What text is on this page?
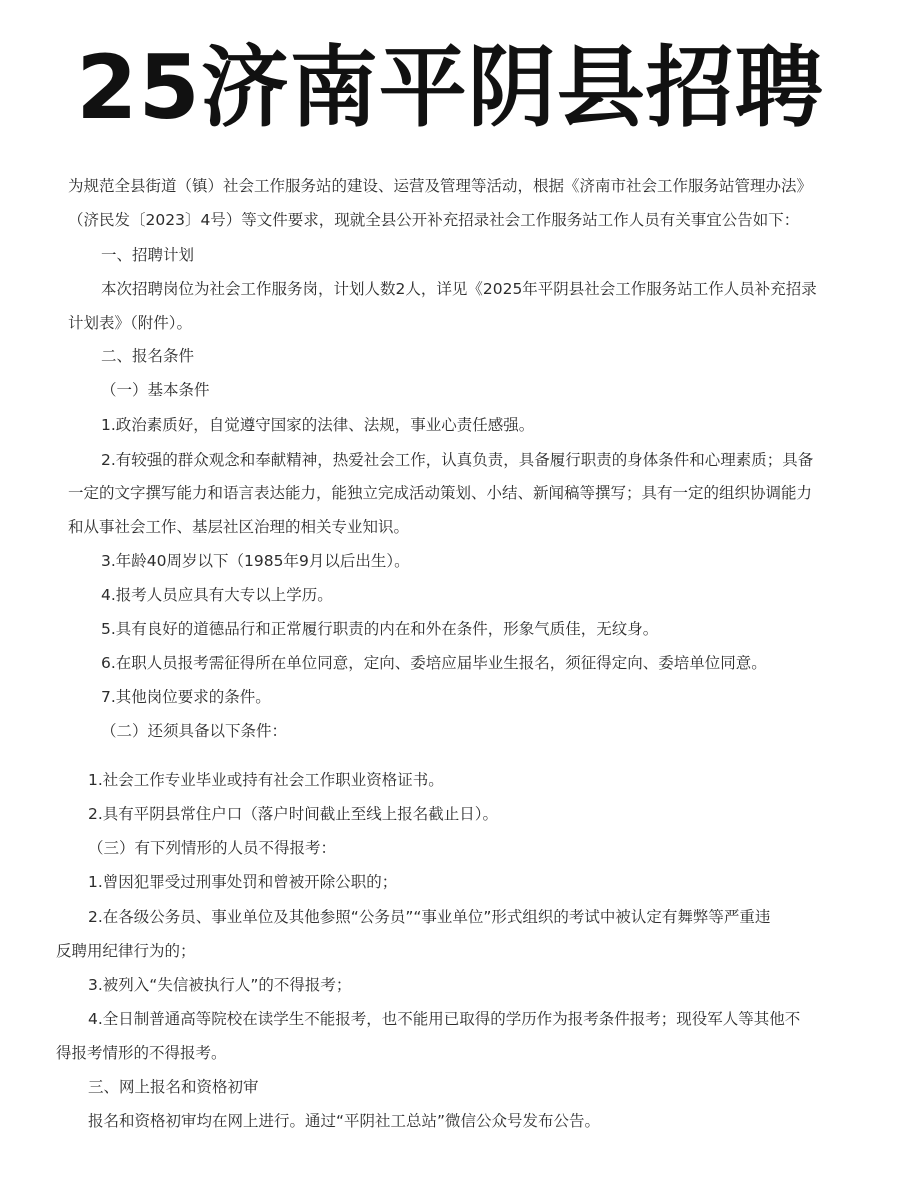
25济南平阴县招聘
为规范全县街道（镇）社会工作服务站的建设、运营及管理等活动，根据《济南市社会工作服务站管理办法》
（济民发〔2023〕4号）等文件要求，现就全县公开补充招录社会工作服务站工作人员有关事宜公告如下：
一、招聘计划
本次招聘岗位为社会工作服务岗，计划人数2人，详见《2025年平阴县社会工作服务站工作人员补充招录
计划表》（附件）。
二、报名条件
（一）基本条件
1.政治素质好，自觉遵守国家的法律、法规，事业心责任感强。
2.有较强的群众观念和奉献精神，热爱社会工作，认真负责，具备履行职责的身体条件和心理素质；具备
一定的文字撰写能力和语言表达能力，能独立完成活动策划、小结、新闻稿等撰写；具有一定的组织协调能力
和从事社会工作、基层社区治理的相关专业知识。
3.年龄40周岁以下（1985年9月以后出生）。
4.报考人员应具有大专以上学历。
5.具有良好的道德品行和正常履行职责的内在和外在条件，形象气质佳，无纹身。
6.在职人员报考需征得所在单位同意，定向、委培应届毕业生报名，须征得定向、委培单位同意。
7.其他岗位要求的条件。
（二）还须具备以下条件：
1.社会工作专业毕业或持有社会工作职业资格证书。
2.具有平阴县常住户口（落户时间截止至线上报名截止日）。
（三）有下列情形的人员不得报考：
1.曾因犯罪受过刑事处罚和曾被开除公职的；
2.在各级公务员、事业单位及其他参照“公务员”“事业单位”形式组织的考试中被认定有舞弊等严重违
反聘用纪律行为的；
3.被列入“失信被执行人”的不得报考；
4.全日制普通高等院校在读学生不能报考，也不能用已取得的学历作为报考条件报考；现役军人等其他不
得报考情形的不得报考。
三、网上报名和资格初审
报名和资格初审均在网上进行。通过“平阴社工总站”微信公众号发布公告。
